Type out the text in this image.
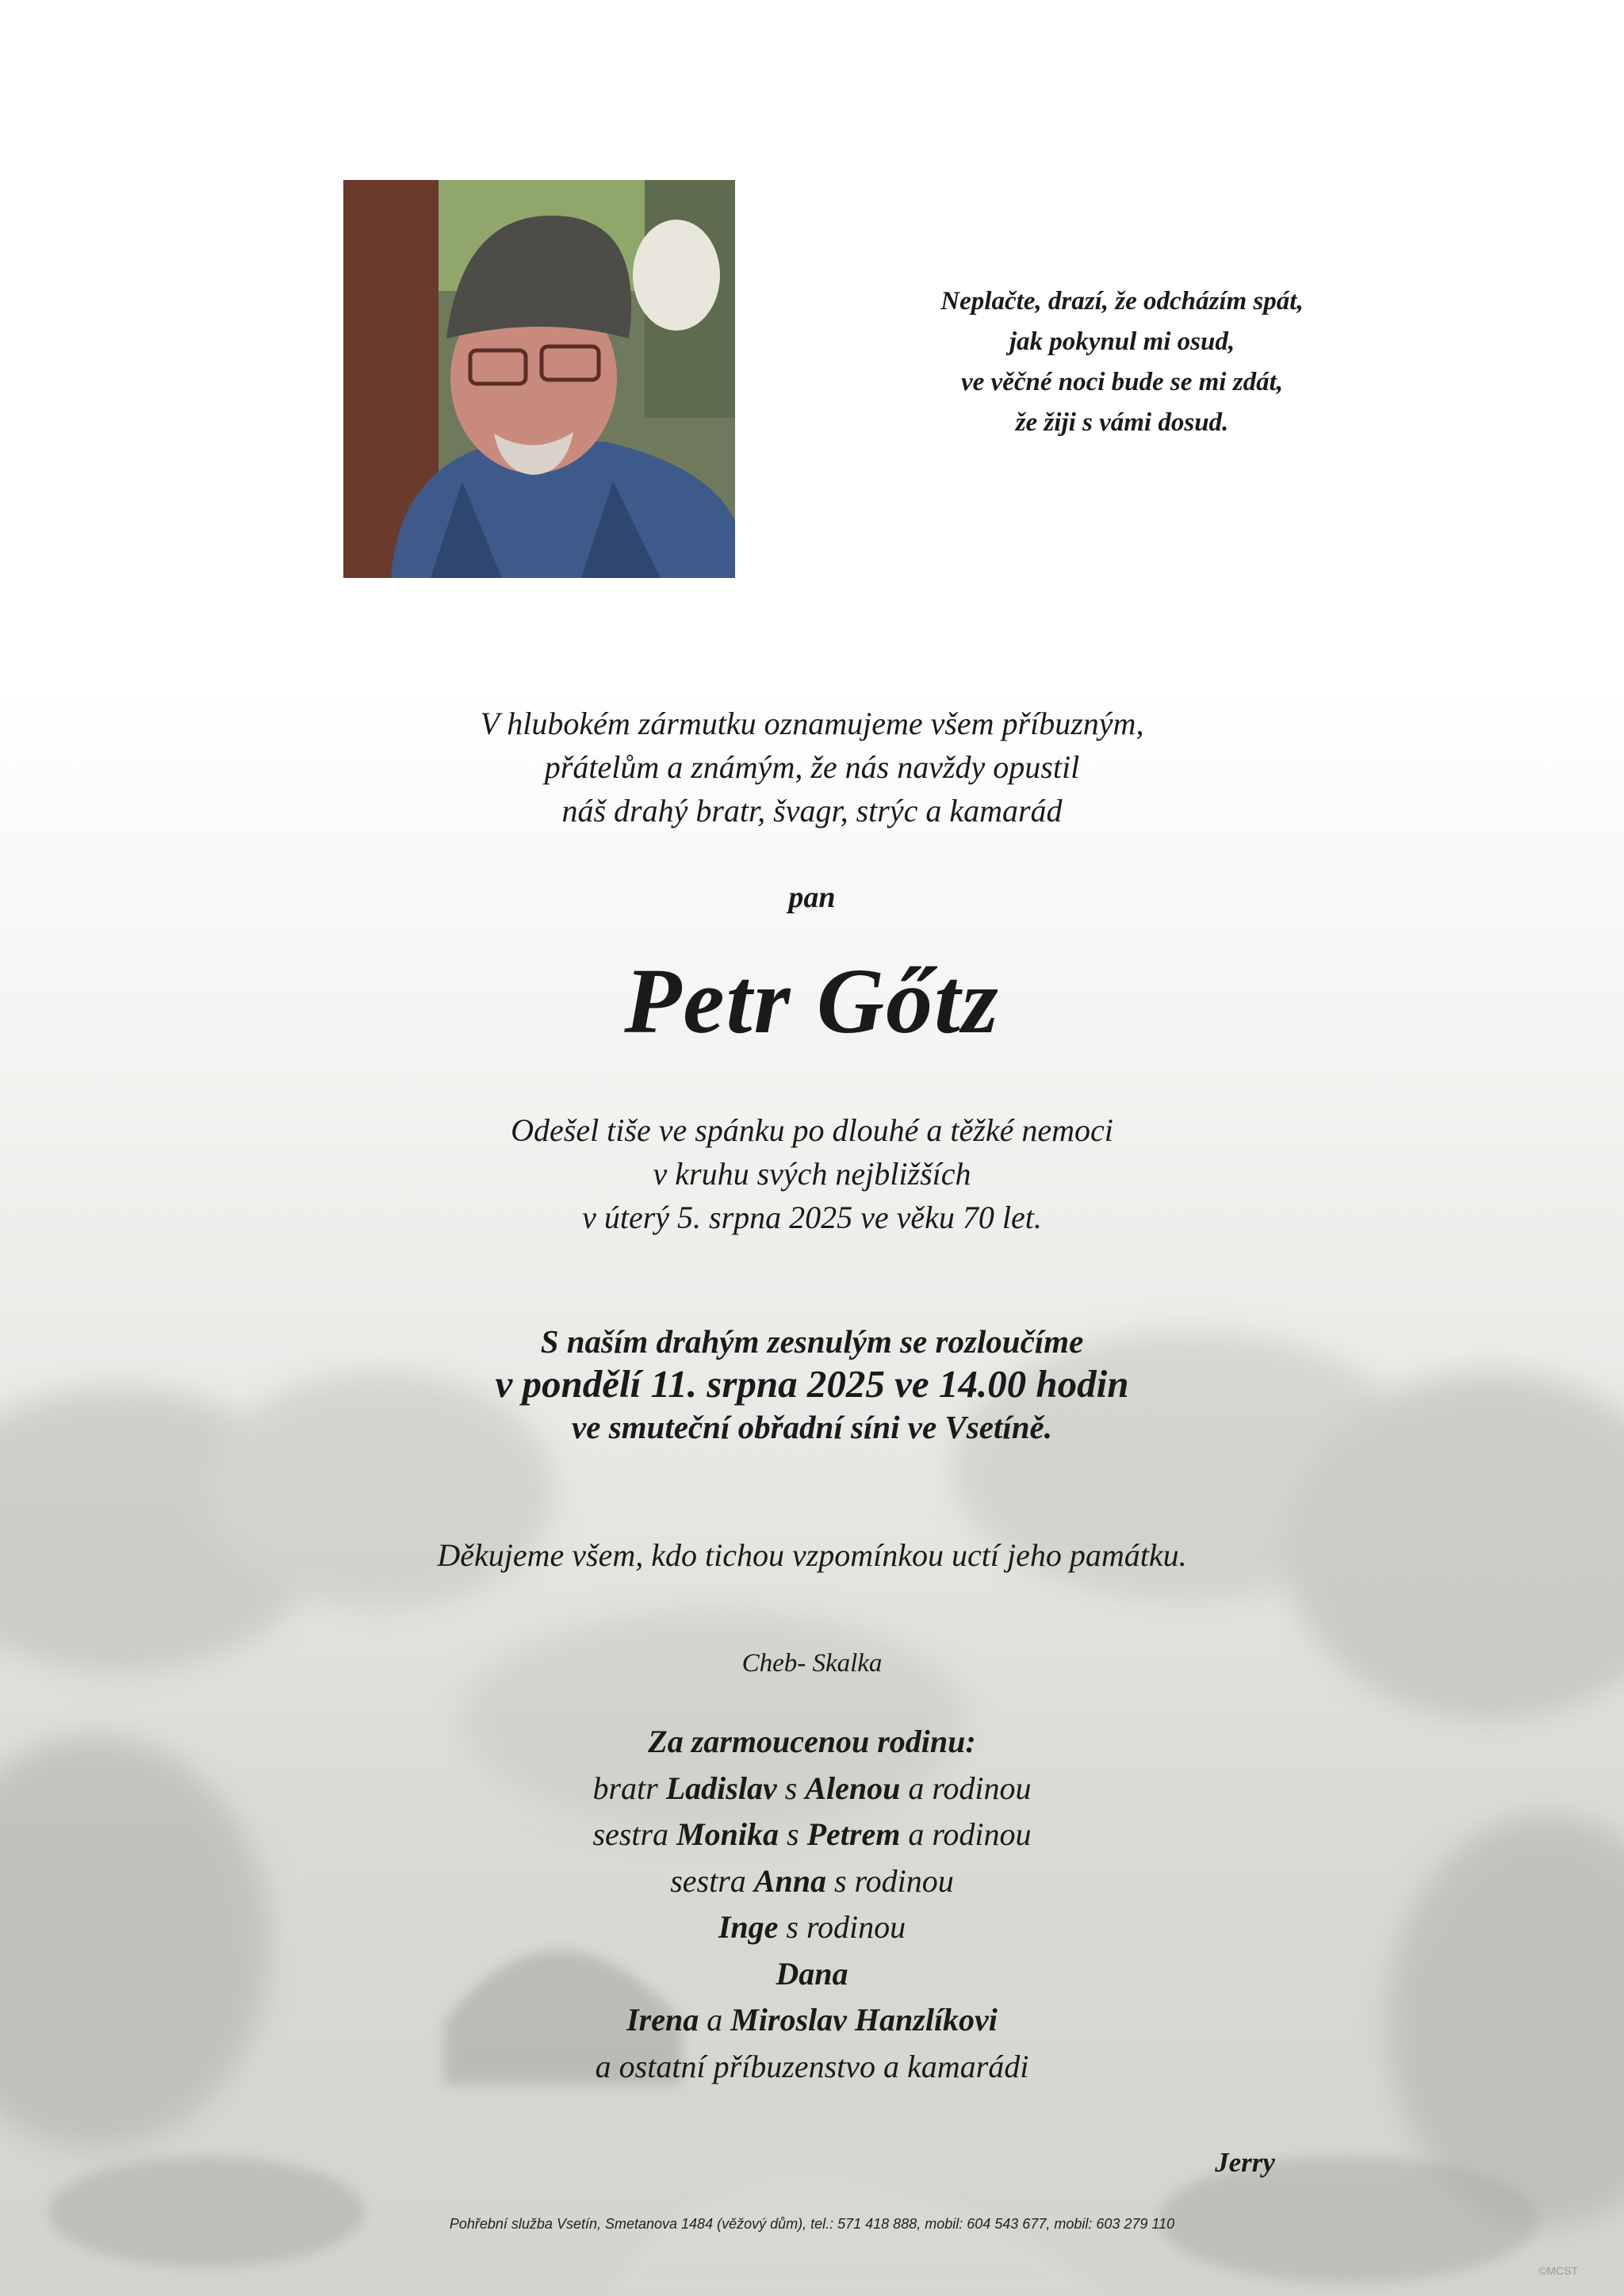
Neplačte, drazí, že odcházím spát,
jak pokynul mi osud,
ve věčné noci bude se mi zdát,
že žiji s vámi dosud.
V hlubokém zármutku oznamujeme všem příbuzným,
přátelům a známým, že nás navždy opustil
náš drahý bratr, švagr, strýc a kamarád
pan
Petr Gőtz
Odešel tiše ve spánku po dlouhé a těžké nemoci
v kruhu svých nejbližších
v úterý 5. srpna 2025 ve věku 70 let.
S naším drahým zesnulým se rozloučíme
v pondělí 11. srpna 2025 ve 14.00 hodin
ve smuteční obřadní síni ve Vsetíně.
Děkujeme všem, kdo tichou vzpomínkou uctí jeho památku.
Cheb- Skalka
Za zarmoucenou rodinu:
bratr Ladislav s Alenou a rodinou
sestra Monika s Petrem a rodinou
sestra Anna s rodinou
Inge s rodinou
Dana
Irena a Miroslav Hanzlíkovi
a ostatní příbuzenstvo a kamarádi
Jerry
Pohřební služba Vsetín, Smetanova 1484 (věžový dům), tel.: 571 418 888, mobil: 604 543 677, mobil: 603 279 110
©MCST
